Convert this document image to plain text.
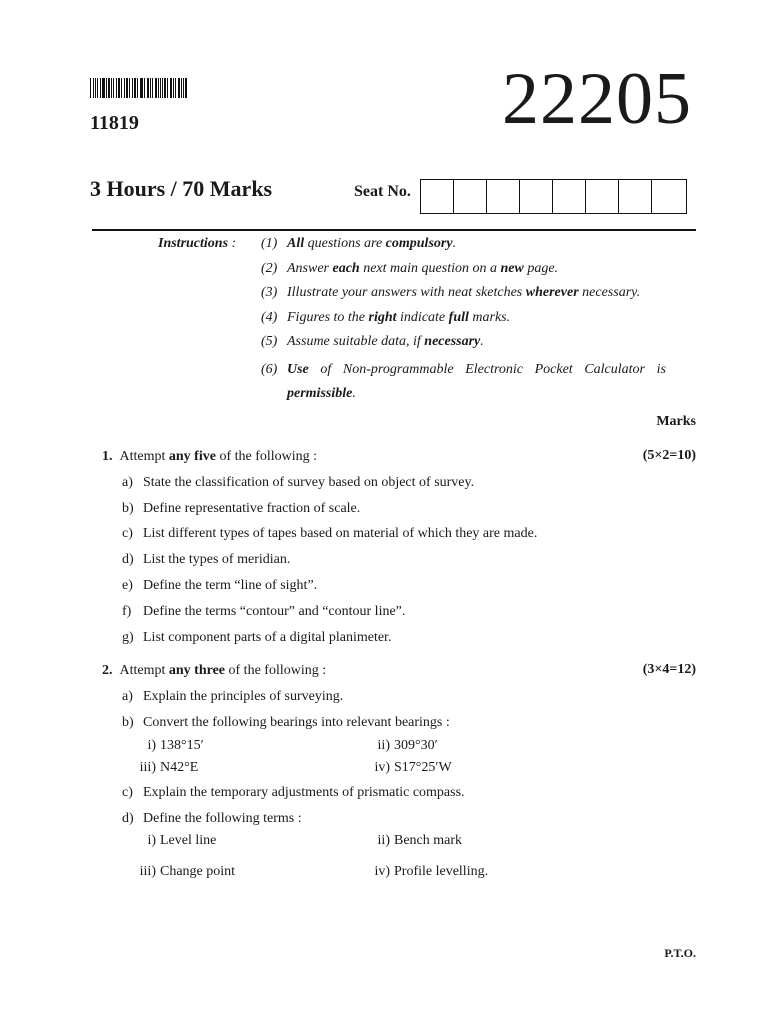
11819	22205
3 Hours / 70 Marks	Seat No.
Instructions : (1) All questions are compulsory.
(2) Answer each next main question on a new page.
(3) Illustrate your answers with neat sketches wherever necessary.
(4) Figures to the right indicate full marks.
(5) Assume suitable data, if necessary.
(6) Use of Non-programmable Electronic Pocket Calculator is
permissible.
Marks
1. Attempt any five of the following :	(5×2=10)
a) State the classification of survey based on object of survey.
b) Define representative fraction of scale.
c) List different types of tapes based on material of which they are made.
d) List the types of meridian.
e) Define the term “line of sight”.
f) Define the terms “contour” and “contour line”.
g) List component parts of a digital planimeter.
2. Attempt any three of the following :	(3×4=12)
a) Explain the principles of surveying.
b) Convert the following bearings into relevant bearings :
i) 138°15′	ii) 309°30′
iii) N42°E	iv) S17°25′W
c) Explain the temporary adjustments of prismatic compass.
d) Define the following terms :
i) Level line	ii) Bench mark
iii) Change point	iv) Profile levelling.
P.T.O.
